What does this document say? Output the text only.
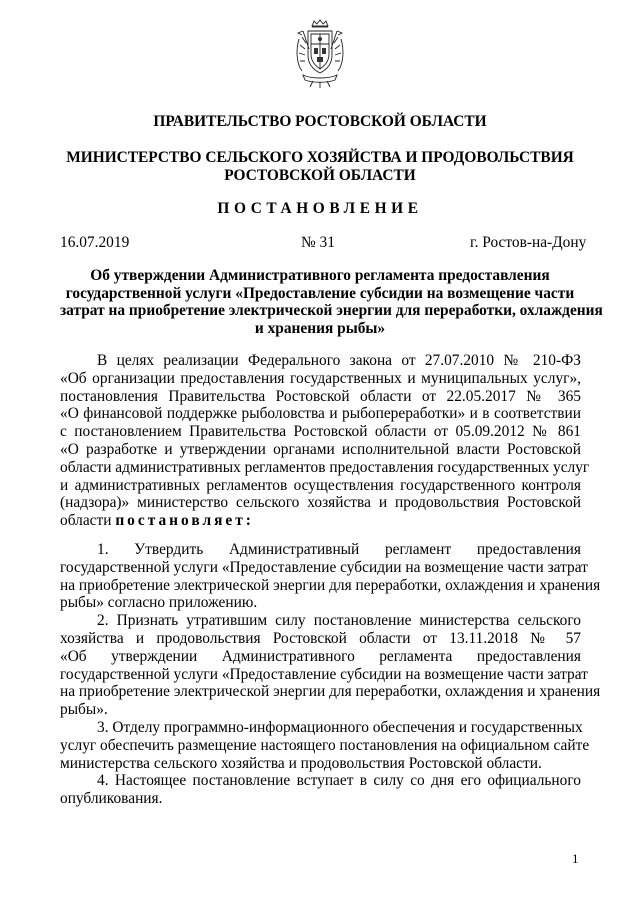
ПРАВИТЕЛЬСТВО РОСТОВСКОЙ ОБЛАСТИ
МИНИСТЕРСТВО СЕЛЬСКОГО ХОЗЯЙСТВА И ПРОДОВОЛЬСТВИЯ
РОСТОВСКОЙ ОБЛАСТИ
ПОСТАНОВЛЕНИЕ
16.07.2019	№ 31	г. Ростов-на-Дону
Об утверждении Административного регламента предоставления
государственной услуги «Предоставление субсидии на возмещение части
затрат на приобретение электрической энергии для переработки, охлаждения
и хранения рыбы»
В целях реализации Федерального закона от 27.07.2010 № 210-ФЗ
«Об организации предоставления государственных и муниципальных услуг»,
постановления Правительства Ростовской области от 22.05.2017 № 365
«О финансовой поддержке рыболовства и рыбопереработки» и в соответствии
с постановлением Правительства Ростовской области от 05.09.2012 № 861
«О разработке и утверждении органами исполнительной власти Ростовской
области административных регламентов предоставления государственных услуг
и административных регламентов осуществления государственного контроля
(надзора)» министерство сельского хозяйства и продовольствия Ростовской
области постановляет:
1. Утвердить Административный регламент предоставления
государственной услуги «Предоставление субсидии на возмещение части затрат
на приобретение электрической энергии для переработки, охлаждения и хранения
рыбы» согласно приложению.
2. Признать утратившим силу постановление министерства сельского
хозяйства и продовольствия Ростовской области от 13.11.2018 № 57
«Об утверждении Административного регламента предоставления
государственной услуги «Предоставление субсидии на возмещение части затрат
на приобретение электрической энергии для переработки, охлаждения и хранения
рыбы».
3. Отделу программно-информационного обеспечения и государственных
услуг обеспечить размещение настоящего постановления на официальном сайте
министерства сельского хозяйства и продовольствия Ростовской области.
4. Настоящее постановление вступает в силу со дня его официального
опубликования.
1
